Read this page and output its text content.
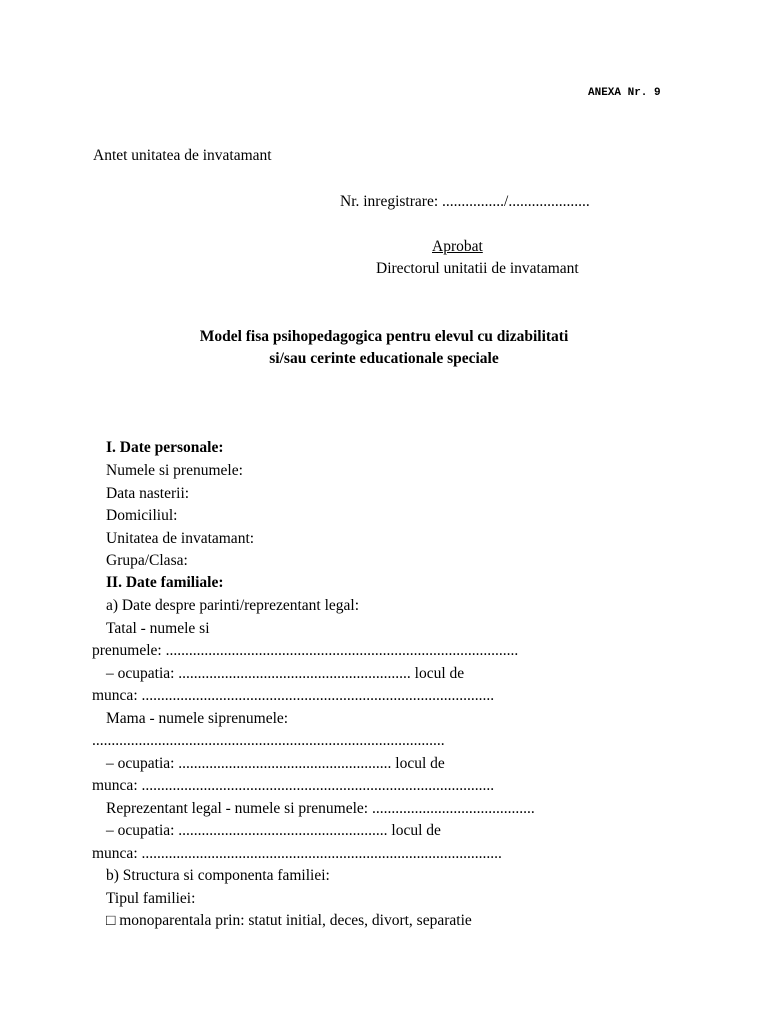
ANEXA Nr. 9
Antet unitatea de invatamant
Nr. inregistrare: ................/.....................
Aprobat
Directorul unitatii de invatamant
Model fisa psihopedagogica pentru elevul cu dizabilitati
si/sau cerinte educationale speciale
I. Date personale:
Numele si prenumele:
Data nasterii:
Domiciliul:
Unitatea de invatamant:
Grupa/Clasa:
II. Date familiale:
a) Date despre parinti/reprezentant legal:
Tatal - numele si
prenumele: ...........................................................................................
– ocupatia: ............................................................ locul de
munca: ...........................................................................................
Mama - numele siprenumele:
...........................................................................................
– ocupatia: ....................................................... locul de
munca: ...........................................................................................
Reprezentant legal - numele si prenumele: ..........................................
– ocupatia: ...................................................... locul de
munca: .............................................................................................
b) Structura si componenta familiei:
Tipul familiei:
□ monoparentala prin: statut initial, deces, divort, separatie
